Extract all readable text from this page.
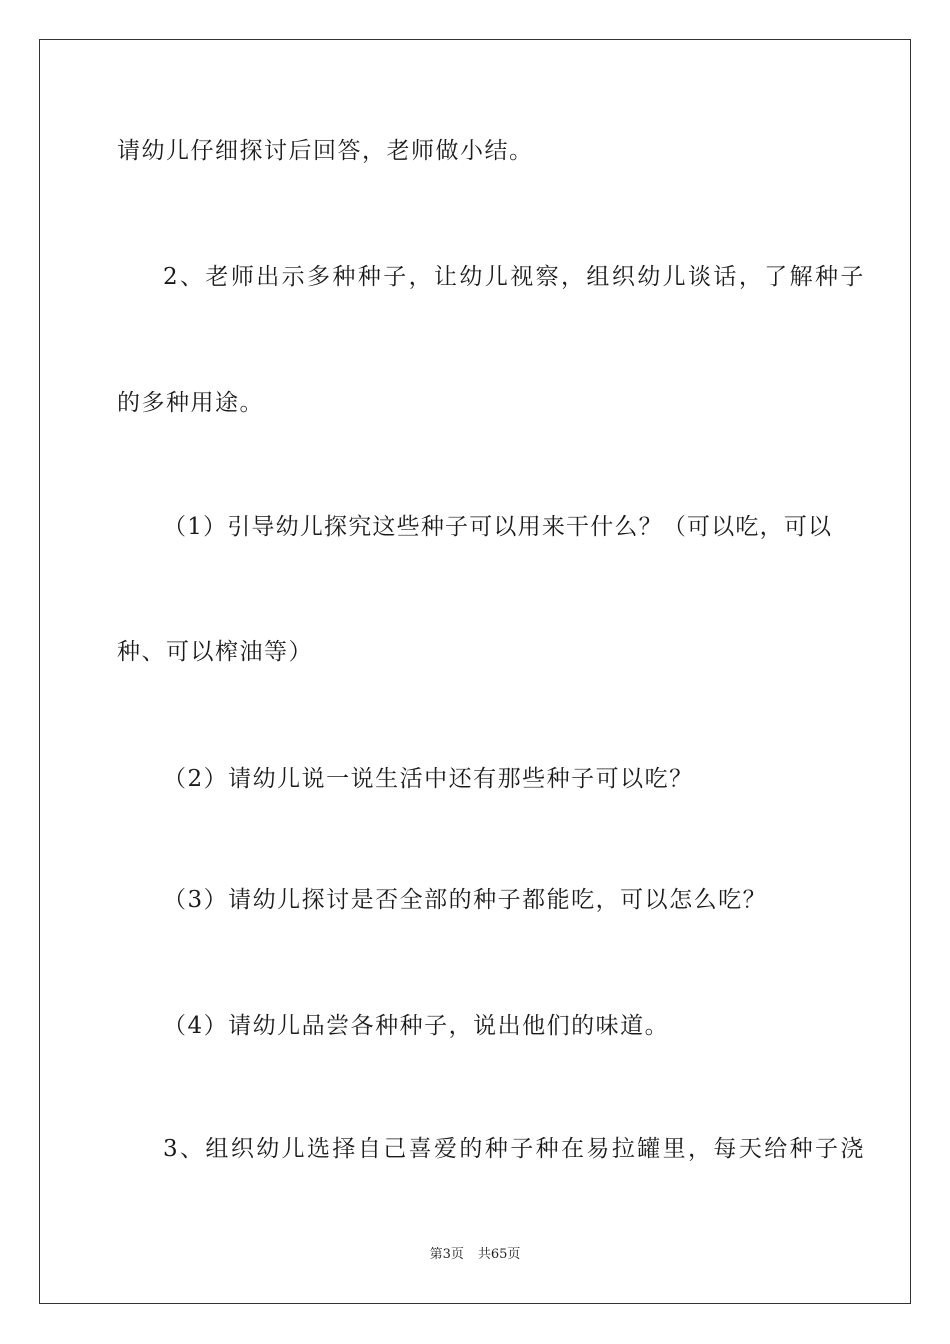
请幼儿仔细探讨后回答，老师做小结。
2、老师出示多种种子，让幼儿视察，组织幼儿谈话，了解种子
的多种用途。
（1）引导幼儿探究这些种子可以用来干什么？（可以吃，可以
种、可以榨油等）
（2）请幼儿说一说生活中还有那些种子可以吃？
（3）请幼儿探讨是否全部的种子都能吃，可以怎么吃？
（4）请幼儿品尝各种种子，说出他们的味道。
3、组织幼儿选择自己喜爱的种子种在易拉罐里，每天给种子浇
第3页 共65页
